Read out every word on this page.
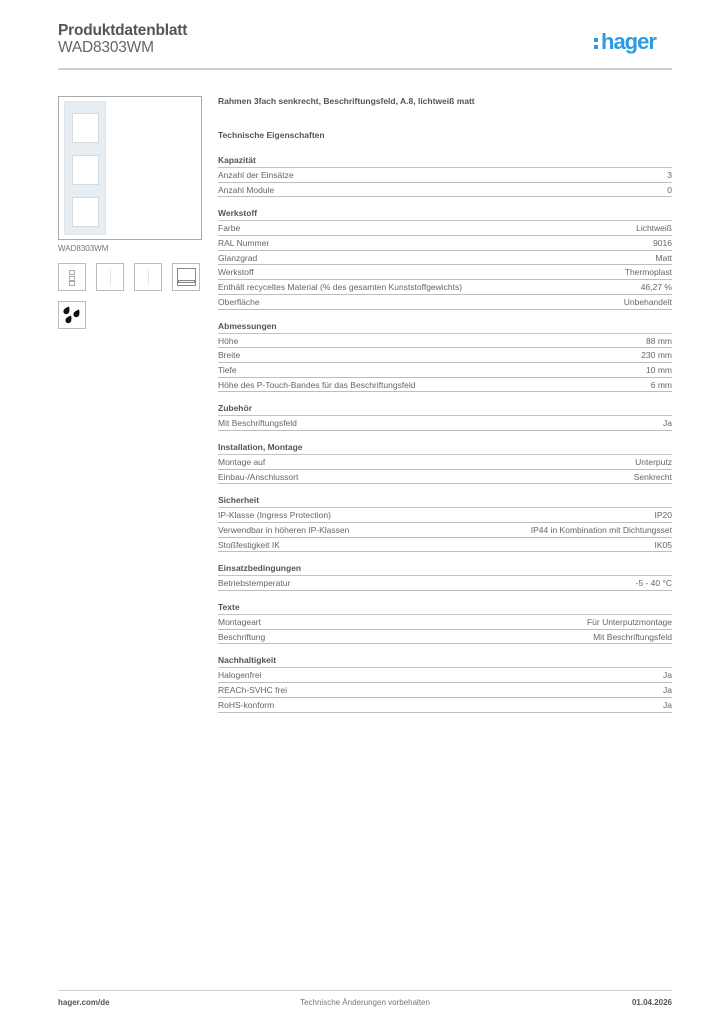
Produktdatenblatt
WAD8303WM	hager
WAD8303WM
Rahmen 3fach senkrecht, Beschriftungsfeld, A.8, lichtweiß matt
Technische Eigenschaften
Kapazität
Anzahl der Einsätze	3
Anzahl Module	0
Werkstoff
Farbe	Lichtweiß
RAL Nummer	9016
Glanzgrad	Matt
Werkstoff	Thermoplast
Enthält recyceltes Material (% des gesamten Kunststoffgewichts)	46,27 %
Oberfläche	Unbehandelt
Abmessungen
Höhe	88 mm
Breite	230 mm
Tiefe	10 mm
Höhe des P-Touch-Bandes für das Beschriftungsfeld	6 mm
Zubehör
Mit Beschriftungsfeld	Ja
Installation, Montage
Montage auf	Unterputz
Einbau-/Anschlussort	Senkrecht
Sicherheit
IP-Klasse (Ingress Protection)	IP20
Verwendbar in höheren IP-Klassen	IP44 in Kombination mit Dichtungsset
Stoßfestigkeit IK	IK05
Einsatzbedingungen
Betriebstemperatur	-5 - 40 °C
Texte
Montageart	Für Unterputzmontage
Beschriftung	Mit Beschriftungsfeld
Nachhaltigkeit
Halogenfrei	Ja
REACh-SVHC frei	Ja
RoHS-konform	Ja
hager.com/de	Technische Änderungen vorbehalten	01.04.2026
